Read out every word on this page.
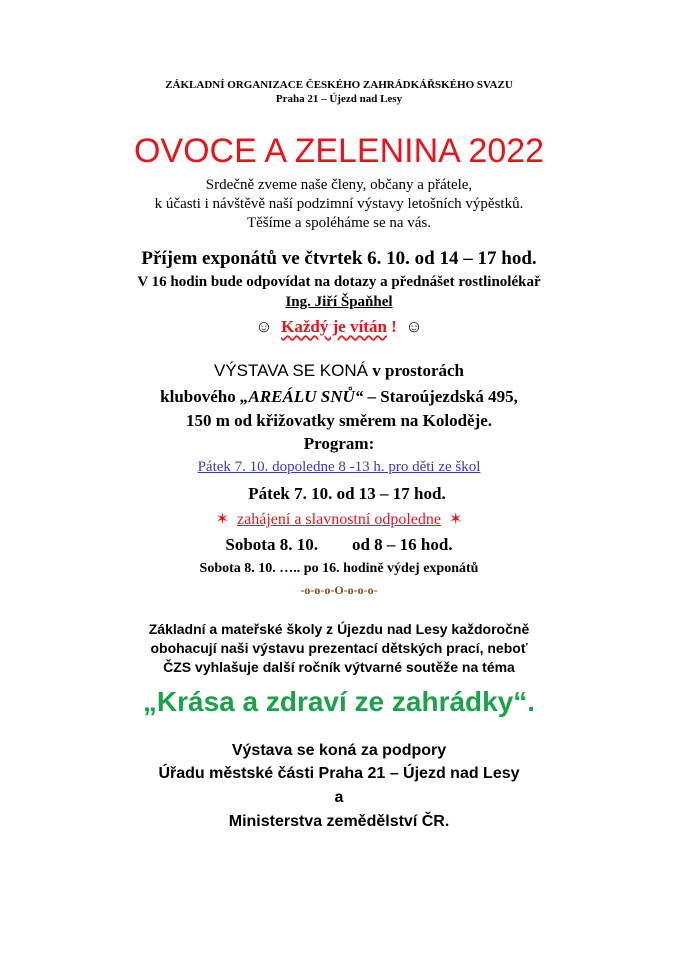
ZÁKLADNÍ ORGANIZACE ČESKÉHO ZAHRÁDKÁŘSKÉHO SVAZU
Praha 21 – Újezd nad Lesy
OVOCE A ZELENINA 2022
Srdečně zveme naše členy, občany a přátele,
k účasti i návštěvě naší podzimní výstavy letošních výpěstků.
Těšíme a spoléháme se na vás.
Příjem exponátů ve čtvrtek 6. 10. od 14 – 17 hod.
V 16 hodin bude odpovídat na dotazy a přednášet rostlinolékař
Ing. Jiří Špaňhel
☺ Každý je vítán ! ☺
VÝSTAVA SE KONÁ v prostorách
klubového „AREÁLU SNŮ“ – Staroújezdská 495,
150 m od křižovatky směrem na Koloděje.
Program:
Pátek 7. 10. dopoledne 8 -13 h. pro děti ze škol
Pátek 7. 10. od 13 – 17 hod.
✶ zahájení a slavnostní odpoledne ✶
Sobota 8. 10. od 8 – 16 hod.
Sobota 8. 10. ….. po 16. hodině výdej exponátů
-o-o-o-O-o-o-o-
Základní a mateřské školy z Újezdu nad Lesy každoročně
obohacují naši výstavu prezentací dětských prací, neboť
ČZS vyhlašuje další ročník výtvarné soutěže na téma
„Krása a zdraví ze zahrádky“.
Výstava se koná za podpory
Úřadu městské části Praha 21 – Újezd nad Lesy
a
Ministerstva zemědělství ČR.
